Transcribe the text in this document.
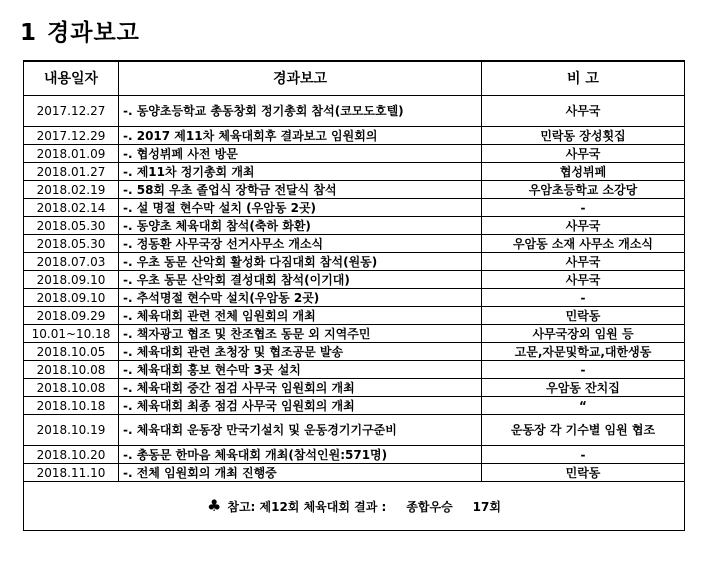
1 경과보고
내용일자	경과보고	비 고
2017.12.27	-. 동양초등학교 총동창회 정기총회 참석(코모도호텔)	사무국
2017.12.29	-. 2017 제11차 체육대회후 결과보고 임원회의	민락동 장성횟집
2018.01.09	-. 협성뷔페 사전 방문	사무국
2018.01.27	-. 제11차 정기총회 개최	협성뷔페
2018.02.19	-. 58회 우초 졸업식 장학금 전달식 참석	우암초등학교 소강당
2018.02.14	-. 설 명절 현수막 설치 (우암동 2곳)	-
2018.05.30	-. 동양초 체육대회 참석(축하 화환)	사무국
2018.05.30	-. 정동환 사무국장 선거사무소 개소식	우암동 소재 사무소 개소식
2018.07.03	-. 우초 동문 산악회 활성화 다짐대회 참석(원동)	사무국
2018.09.10	-. 우초 동문 산악회 결성대회 참석(이기대)	사무국
2018.09.10	-. 추석명절 현수막 설치(우암동 2곳)	-
2018.09.29	-. 체육대회 관련 전체 임원회의 개최	민락동
10.01~10.18	-. 책자광고 협조 및 찬조협조 동문 외 지역주민	사무국장외 임원 등
2018.10.05	-. 체육대회 관련 초청장 및 협조공문 발송	고문,자문및학교,대한생동
2018.10.08	-. 체육대회 홍보 현수막 3곳 설치	-
2018.10.08	-. 체육대회 중간 점검 사무국 임원회의 개최	우암동 잔치집
2018.10.18	-. 체육대회 최종 점검 사무국 임원회의 개최	“
2018.10.19	-. 체육대회 운동장 만국기설치 및 운동경기기구준비	운동장 각 기수별 임원 협조
2018.10.20	-. 총동문 한마음 체육대회 개최(참석인원:571명)	-
2018.11.10	-. 전체 임원회의 개최 진행중	민락동
♣ 참고: 제12회 체육대회 결과 : 종합우승 17회		
